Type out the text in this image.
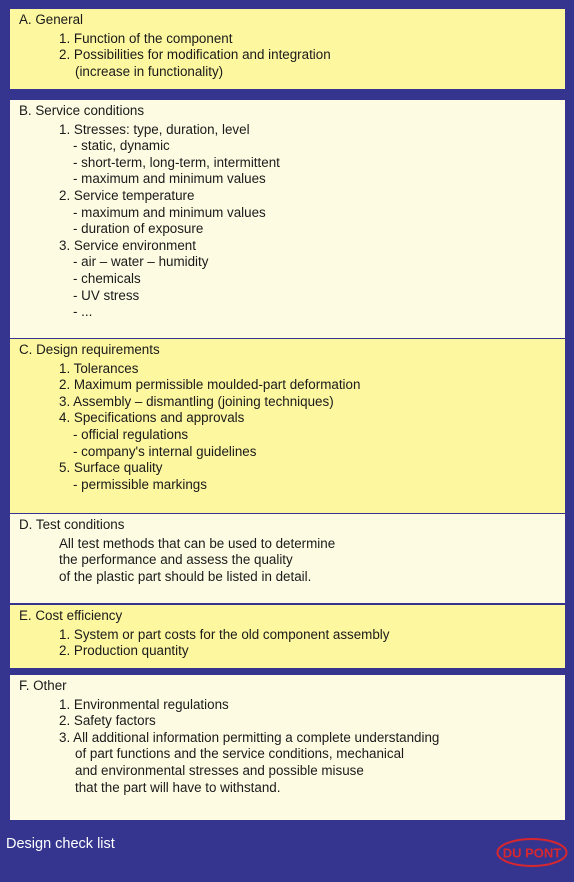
A. General
1. Function of the component
2. Possibilities for modification and integration
(increase in functionality)
B. Service conditions
1. Stresses: type, duration, level
- static, dynamic
- short-term, long-term, intermittent
- maximum and minimum values
2. Service temperature
- maximum and minimum values
- duration of exposure
3. Service environment
- air – water – humidity
- chemicals
- UV stress
- ...
C. Design requirements
1. Tolerances
2. Maximum permissible moulded-part deformation
3. Assembly – dismantling (joining techniques)
4. Specifications and approvals
- official regulations
- company's internal guidelines
5. Surface quality
- permissible markings
D. Test conditions
All test methods that can be used to determine
the performance and assess the quality
of the plastic part should be listed in detail.
E. Cost efficiency
1. System or part costs for the old component assembly
2. Production quantity
F. Other
1. Environmental regulations
2. Safety factors
3. All additional information permitting a complete understanding
of part functions and the service conditions, mechanical
and environmental stresses and possible misuse
that the part will have to withstand.
Design check list
DU PONT
